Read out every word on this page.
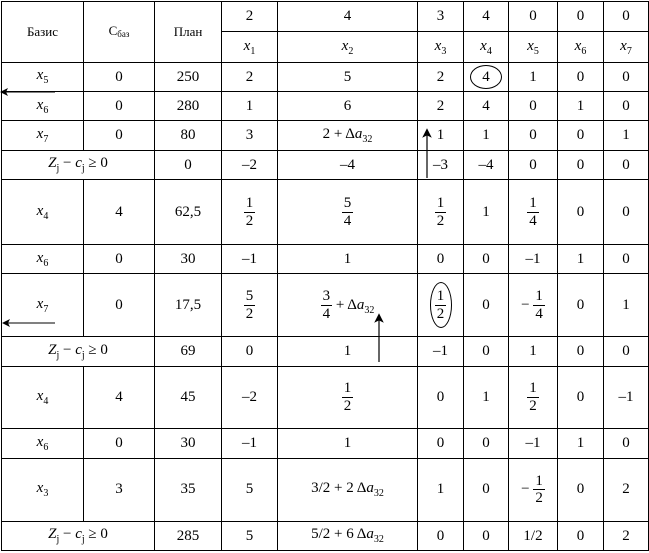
Базис	Сбаз	План	2	4	3	4	0	0	0
			$x_1$	$x_2$	$x_3$	$x_4$	$x_5$	$x_6$	$x_7$
$x_5$	0	250	2	5	2	4	1	0	0
$x_6$	0	280	1	6	2	4	0	1	0
$x_7$	0	80	3	$2 + \Delta a_{32}$	1	1	0	0	1
$Z_j - c_j \ge 0$		0	–2	–4	–3	–4	0	0	0
$x_4$	4	62,5	$\frac{1}{2}$	$\frac{5}{4}$	$\frac{1}{2}$	1	$\frac{1}{4}$	0	0
$x_6$	0	30	–1	1	0	0	–1	1	0
$x_7$	0	17,5	$\frac{5}{2}$	$\frac{3}{4} + \Delta a_{32}$	$\frac{1}{2}$	0	− $\frac{1}{4}$	0	1
$Z_j - c_j \ge 0$		69	0	1	–1	0	1	0	0
$x_4$	4	45	–2	$\frac{1}{2}$	0	1	$\frac{1}{2}$	0	–1
$x_6$	0	30	–1	1	0	0	–1	1	0
$x_3$	3	35	5	3/2 + 2 $\Delta a_{32}$	1	0	− $\frac{1}{2}$	0	2
$Z_j - c_j \ge 0$		285	5	5/2 + 6 $\Delta a_{32}$	0	0	1/2	0	2
